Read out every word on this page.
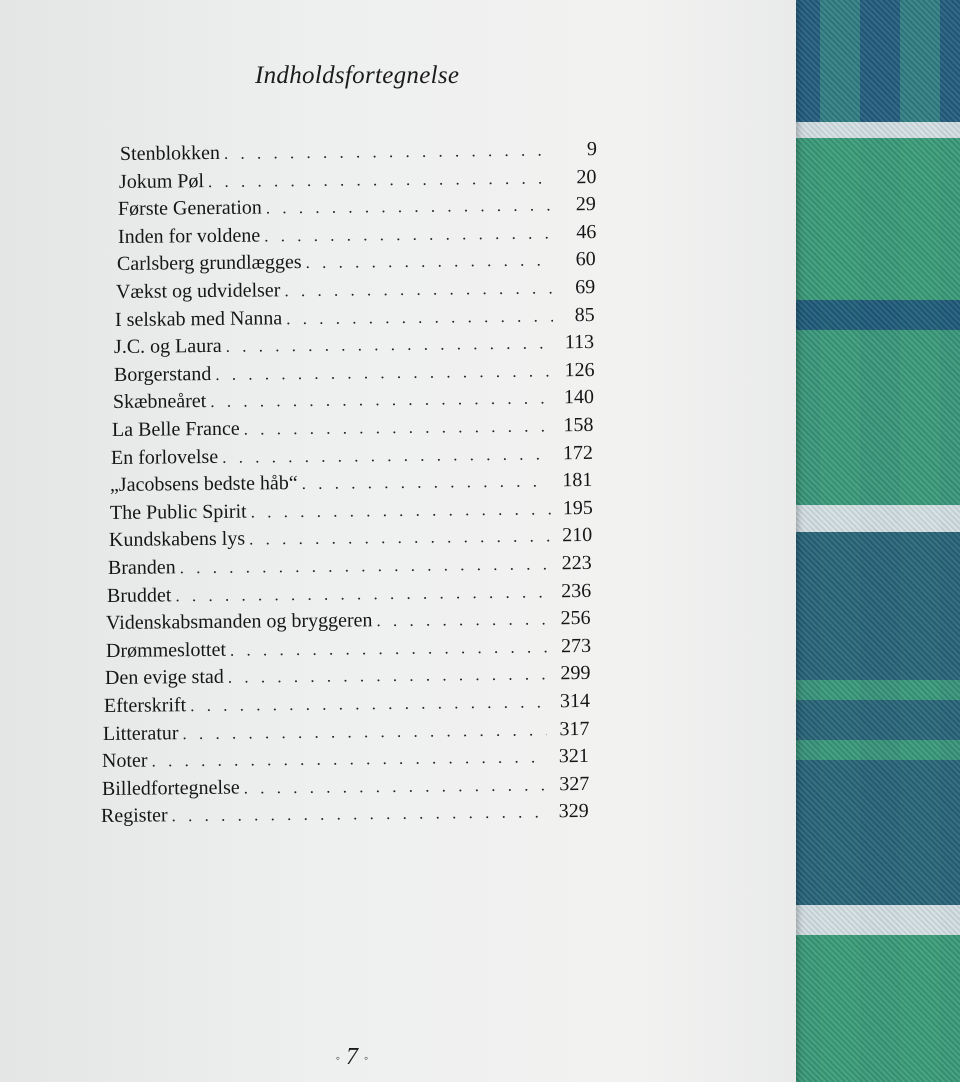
Indholdsfortegnelse
Stenblokken . . .	9
Jokum Pøl . . .	20
Første Generation . . .	29
Inden for voldene . . .	46
Carlsberg grundlægges . . .	60
Vækst og udvidelser . . .	69
I selskab med Nanna . . .	85
J.C. og Laura . . .	113
Borgerstand . . .	126
Skæbneåret . . .	140
La Belle France . . .	158
En forlovelse . . .	172
„Jacobsens bedste håb“ . . .	181
The Public Spirit . . .	195
Kundskabens lys . . .	210
Branden . . .	223
Bruddet . . .	236
Videnskabsmanden og bryggeren . . .	256
Drømmeslottet . . .	273
Den evige stad . . .	299
Efterskrift . . .	314
Litteratur . . .	317
Noter . . .	321
Billedfortegnelse . . .	327
Register . . .	329
◦ 7 ◦
